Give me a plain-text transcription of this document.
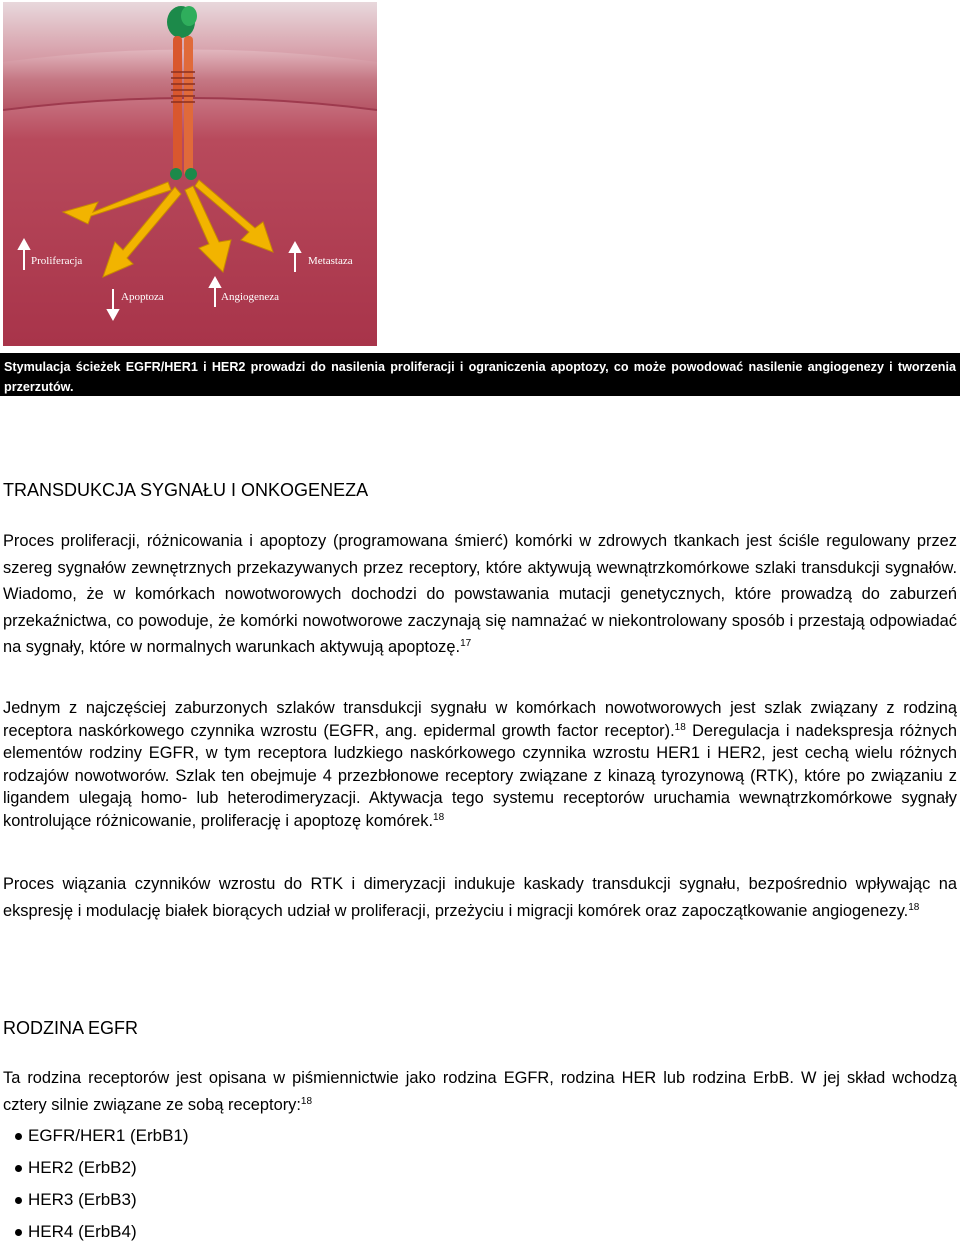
Proliferacja
Apoptoza	Angiogeneza
Metastaza
Stymulacja ścieżek EGFR/HER1 i HER2 prowadzi do nasilenia proliferacji i ograniczenia apoptozy, co może powodować nasilenie angiogenezy i tworzenia przerzutów.
TRANSDUKCJA SYGNAŁU I ONKOGENEZA

Proces proliferacji, różnicowania i apoptozy (programowana śmierć) komórki w zdrowych tkankach jest ściśle regulowany przez szereg sygnałów zewnętrznych przekazywanych przez receptory, które aktywują wewnątrzkomórkowe szlaki transdukcji sygnałów. Wiadomo, że w komórkach nowotworowych dochodzi do powstawania mutacji genetycznych, które prowadzą do zaburzeń przekaźnictwa, co powoduje, że komórki nowotworowe zaczynają się namnażać w niekontrolowany sposób i przestają odpowiadać na sygnały, które w normalnych warunkach aktywują apoptozę.$^{17}$

Jednym z najczęściej zaburzonych szlaków transdukcji sygnału w komórkach nowotworowych jest szlak związany z rodziną receptora naskórkowego czynnika wzrostu (EGFR, ang. epidermal growth factor receptor).$^{18}$ Deregulacja i nadekspresja różnych elementów rodziny EGFR, w tym receptora ludzkiego naskórkowego czynnika wzrostu HER1 i HER2, jest cechą wielu różnych rodzajów nowotworów. Szlak ten obejmuje 4 przezbłonowe receptory związane z kinazą tyrozynową (RTK), które po związaniu z ligandem ulegają homo- lub heterodimeryzacji. Aktywacja tego systemu receptorów uruchamia wewnątrzkomórkowe sygnały kontrolujące różnicowanie, proliferację i apoptozę komórek.$^{18}$

Proces wiązania czynników wzrostu do RTK i dimeryzacji indukuje kaskady transdukcji sygnału, bezpośrednio wpływając na ekspresję i modulację białek biorących udział w proliferacji, przeżyciu i migracji komórek oraz zapoczątkowanie angiogenezy.$^{18}$

RODZINA EGFR

Ta rodzina receptorów jest opisana w piśmiennictwie jako rodzina EGFR, rodzina HER lub rodzina ErbB. W jej skład wchodzą cztery silnie związane ze sobą receptory:$^{18}$

EGFR/HER1 (ErbB1)
HER2 (ErbB2)
HER3 (ErbB3)
HER4 (ErbB4)
